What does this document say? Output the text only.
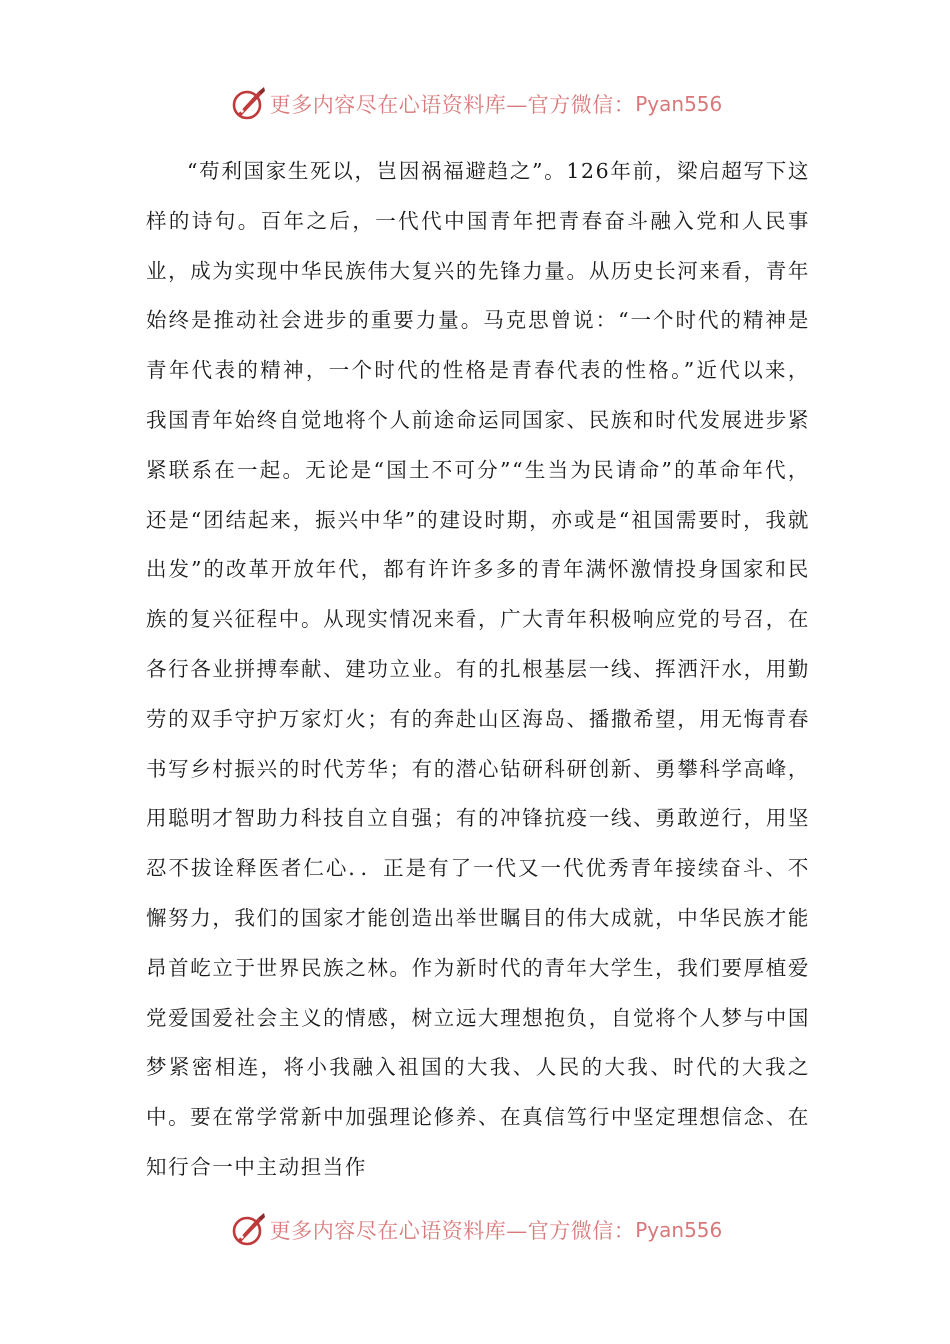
更多内容尽在心语资料库—官方微信： Pyan556

“苟利国家生死以，岂因祸福避趋之”。126年前，梁启超写下这样的诗句。百年之后，一代代中国青年把青春奋斗融入党和人民事业，成为实现中华民族伟大复兴的先锋力量。从历史长河来看，青年始终是推动社会进步的重要力量。马克思曾说：“一个时代的精神是青年代表的精神，一个时代的性格是青春代表的性格。”近代以来，我国青年始终自觉地将个人前途命运同国家、民族和时代发展进步紧紧联系在一起。无论是“国土不可分”“生当为民请命”的革命年代，还是“团结起来，振兴中华”的建设时期，亦或是“祖国需要时，我就出发”的改革开放年代，都有许许多多的青年满怀激情投身国家和民族的复兴征程中。从现实情况来看，广大青年积极响应党的号召，在各行各业拼搏奉献、建功立业。有的扎根基层一线、挥洒汗水，用勤劳的双手守护万家灯火；有的奔赴山区海岛、播撒希望，用无悔青春书写乡村振兴的时代芳华；有的潜心钻研科研创新、勇攀科学高峰，用聪明才智助力科技自立自强；有的冲锋抗疫一线、勇敢逆行，用坚忍不拔诠释医者仁心．．正是有了一代又一代优秀青年接续奋斗、不懈努力，我们的国家才能创造出举世瞩目的伟大成就，中华民族才能昂首屹立于世界民族之林。作为新时代的青年大学生，我们要厚植爱党爱国爱社会主义的情感，树立远大理想抱负，自觉将个人梦与中国梦紧密相连，将小我融入祖国的大我、人民的大我、时代的大我之中。要在常学常新中加强理论修养、在真信笃行中坚定理想信念、在知行合一中主动担当作

更多内容尽在心语资料库—官方微信： Pyan556
